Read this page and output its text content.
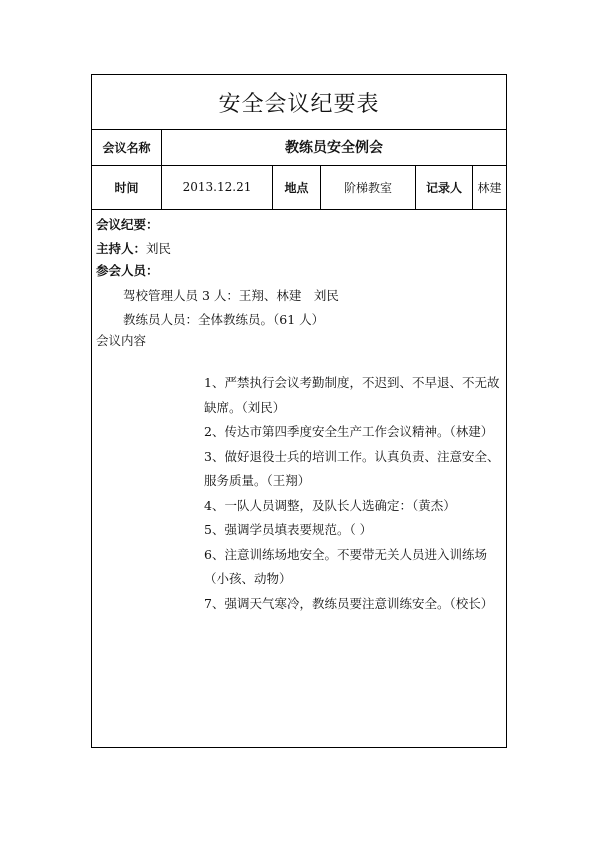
安全会议纪要表
会议名称	教练员安全例会
时间	2013.12.21	地点	阶梯教室	记录人 林建
会议纪要：
主持人：刘民
参会人员：
驾校管理人员 3 人：王翔、林建　刘民
教练员人员：全体教练员。（61 人）
会议内容
1、严禁执行会议考勤制度，不迟到、不早退、不无故缺席。（刘民）
2、传达市第四季度安全生产工作会议精神。（林建）
3、做好退役士兵的培训工作。认真负责、注意安全、服务质量。（王翔）
4、一队人员调整，及队长人选确定：（黄杰）
5、强调学员填表要规范。（ ）
6、注意训练场地安全。不要带无关人员进入训练场（小孩、动物）
7、强调天气寒冷，教练员要注意训练安全。（校长）
